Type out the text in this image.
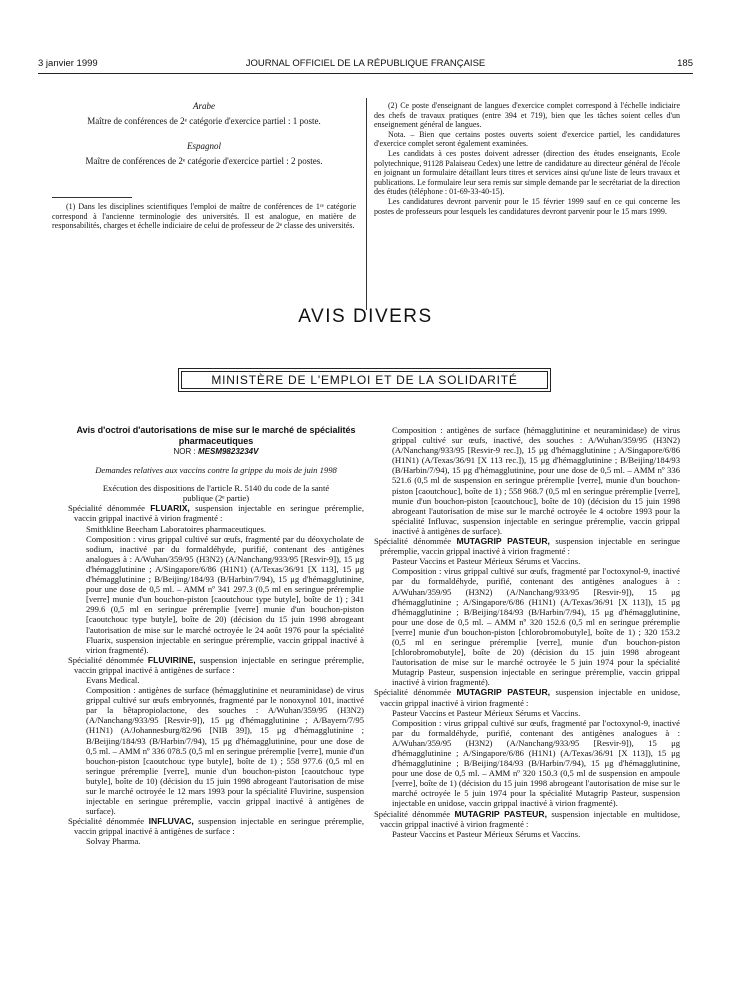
3 janvier 1999	JOURNAL OFFICIEL DE LA RÉPUBLIQUE FRANÇAISE	185

Arabe

Maître de conférences de 2ᵉ catégorie d'exercice partiel : 1 poste.

Espagnol

Maître de conférences de 2ᵉ catégorie d'exercice partiel : 2 postes.

(1) Dans les disciplines scientifiques l'emploi de maître de conférences de 1ʳᵉ catégorie correspond à l'ancienne terminologie des universités. Il est analogue, en matière de responsabilités, charges et échelle indiciaire de celui de professeur de 2ᵉ classe des universités.

(2) Ce poste d'enseignant de langues d'exercice complet correspond à l'échelle indiciaire des chefs de travaux pratiques (entre 394 et 719), bien que les tâches soient celles d'un enseignement général de langues.

Nota. – Bien que certains postes ouverts soient d'exercice partiel, les candidatures d'exercice complet seront également examinées.

Les candidats à ces postes doivent adresser (direction des études enseignants, Ecole polytechnique, 91128 Palaiseau Cedex) une lettre de candidature au directeur général de l'école en joignant un formulaire détaillant leurs titres et services ainsi qu'une liste de leurs travaux et publications. Le formulaire leur sera remis sur simple demande par le secrétariat de la direction des études (téléphone : 01-69-33-40-15).

Les candidatures devront parvenir pour le 15 février 1999 sauf en ce qui concerne les postes de professeurs pour lesquels les candidatures devront parvenir pour le 15 mars 1999.

AVIS DIVERS
MINISTÈRE DE L'EMPLOI ET DE LA SOLIDARITÉ

Avis d'octroi d'autorisations de mise sur le marché de spécialités pharmaceutiques

NOR : MESM9823234V

Demandes relatives aux vaccins contre la grippe du mois de juin 1998

Exécution des dispositions de l'article R. 5140 du code de la santé publique (2ᵉ partie)

Spécialité dénommée FLUARIX, suspension injectable en seringue préremplie, vaccin grippal inactivé à virion fragmenté :

Smithkline Beecham Laboratoires pharmaceutiques.

Composition : virus grippal cultivé sur œufs, fragmenté par du déoxycholate de sodium, inactivé par du formaldéhyde, purifié, contenant des antigènes analogues à : A/Wuhan/359/95 (H3N2) (A/Nanchang/933/95 [Resvir-9]), 15 μg d'hémagglutinine ; A/Singapore/6/86 (H1N1) (A/Texas/36/91 [X 113], 15 μg d'hémagglutinine ; B/Beijing/184/93 (B/Harbin/7/94), 15 μg d'hémagglutinine, pour une dose de 0,5 ml. – AMM nº 341 297.3 (0,5 ml en seringue préremplie [verre] munie d'un bouchon-piston [caoutchouc type butyle], boîte de 1) ; 341 299.6 (0,5 ml en seringue préremplie [verre] munie d'un bouchon-piston [caoutchouc type butyle], boîte de 20) (décision du 15 juin 1998 abrogeant l'autorisation de mise sur le marché octroyée le 24 août 1976 pour la spécialité Fluarix, suspension injectable en seringue préremplie, vaccin grippal inactivé à virion fragmenté).

Spécialité dénommée FLUVIRINE, suspension injectable en seringue préremplie, vaccin grippal inactivé à antigènes de surface :

Evans Medical.

Composition : antigènes de surface (hémagglutinine et neuraminidase) de virus grippal cultivé sur œufs embryonnés, fragmenté par le nonoxynol 101, inactivé par la bêtapropiolactone, des souches : A/Wuhan/359/95 (H3N2) (A/Nanchang/933/95 [Resvir-9]), 15 μg d'hémagglutinine ; A/Bayern/7/95 (H1N1) (A/Johannesburg/82/96 [NIB 39]), 15 μg d'hémagglutinine ; B/Beijing/184/93 (B/Harbin/7/94), 15 μg d'hémagglutinine, pour une dose de 0,5 ml. – AMM nº 336 078.5 (0,5 ml en seringue préremplie [verre], munie d'un bouchon-piston [caoutchouc type butyle], boîte de 1) ; 558 977.6 (0,5 ml en seringue préremplie [verre], munie d'un bouchon-piston [caoutchouc type butyle], boîte de 10) (décision du 15 juin 1998 abrogeant l'autorisation de mise sur le marché octroyée le 12 mars 1993 pour la spécialité Fluvirine, suspension injectable en seringue préremplie, vaccin grippal inactivé à antigènes de surface).

Spécialité dénommée INFLUVAC, suspension injectable en seringue préremplie, vaccin grippal inactivé à antigènes de surface :

Solvay Pharma.

Composition : antigènes de surface (hémagglutinine et neuraminidase) de virus grippal cultivé sur œufs, inactivé, des souches : A/Wuhan/359/95 (H3N2) (A/Nanchang/933/95 [Resvir-9 rec.]), 15 μg d'hémagglutinine ; A/Singapore/6/86 (H1N1) (A/Texas/36/91 [X 113 rec.]), 15 μg d'hémagglutinine ; B/Beijing/184/93 (B/Harbin/7/94), 15 μg d'hémagglutinine, pour une dose de 0,5 ml. – AMM nº 336 521.6 (0,5 ml de suspension en seringue préremplie [verre], munie d'un bouchon-piston [caoutchouc], boîte de 1) ; 558 968.7 (0,5 ml en seringue préremplie [verre], munie d'un bouchon-piston [caoutchouc], boîte de 10) (décision du 15 juin 1998 abrogeant l'autorisation de mise sur le marché octroyée le 4 octobre 1993 pour la spécialité Influvac, suspension injectable en seringue préremplie, vaccin grippal inactivé à antigènes de surface).

Spécialité dénommée MUTAGRIP PASTEUR, suspension injectable en seringue préremplie, vaccin grippal inactivé à virion fragmenté :

Pasteur Vaccins et Pasteur Mérieux Sérums et Vaccins.

Composition : virus grippal cultivé sur œufs, fragmenté par l'octoxynol-9, inactivé par du formaldéhyde, purifié, contenant des antigènes analogues à : A/Wuhan/359/95 (H3N2) (A/Nanchang/933/95 [Resvir-9]), 15 μg d'hémagglutinine ; A/Singapore/6/86 (H1N1) (A/Texas/36/91 [X 113]), 15 μg d'hémagglutinine ; B/Beijing/184/93 (B/Harbin/7/94), 15 μg d'hémagglutinine, pour une dose de 0,5 ml. – AMM nº 320 152.6 (0,5 ml en seringue préremplie [verre] munie d'un bouchon-piston [chlorobromobutyle], boîte de 1) ; 320 153.2 (0,5 ml en seringue préremplie [verre], munie d'un bouchon-piston [chlorobromobutyle], boîte de 20) (décision du 15 juin 1998 abrogeant l'autorisation de mise sur le marché octroyée le 5 juin 1974 pour la spécialité Mutagrip Pasteur, suspension injectable en seringue préremplie, vaccin grippal inactivé à virion fragmenté).

Spécialité dénommée MUTAGRIP PASTEUR, suspension injectable en unidose, vaccin grippal inactivé à virion fragmenté :

Pasteur Vaccins et Pasteur Mérieux Sérums et Vaccins.

Composition : virus grippal cultivé sur œufs, fragmenté par l'octoxynol-9, inactivé par du formaldéhyde, purifié, contenant des antigènes analogues à : A/Wuhan/359/95 (H3N2) (A/Nanchang/933/95 [Resvir-9]), 15 μg d'hémagglutinine ; A/Singapore/6/86 (H1N1) (A/Texas/36/91 [X 113]), 15 μg d'hémagglutinine ; B/Beijing/184/93 (B/Harbin/7/94), 15 μg d'hémagglutinine, pour une dose de 0,5 ml. – AMM nº 320 150.3 (0,5 ml de suspension en ampoule [verre], boîte de 1) (décision du 15 juin 1998 abrogeant l'autorisation de mise sur le marché octroyée le 5 juin 1974 pour la spécialité Mutagrip Pasteur, suspension injectable en unidose, vaccin grippal inactivé à virion fragmenté).

Spécialité dénommée MUTAGRIP PASTEUR, suspension injectable en multidose, vaccin grippal inactivé à virion fragmenté :

Pasteur Vaccins et Pasteur Mérieux Sérums et Vaccins.
